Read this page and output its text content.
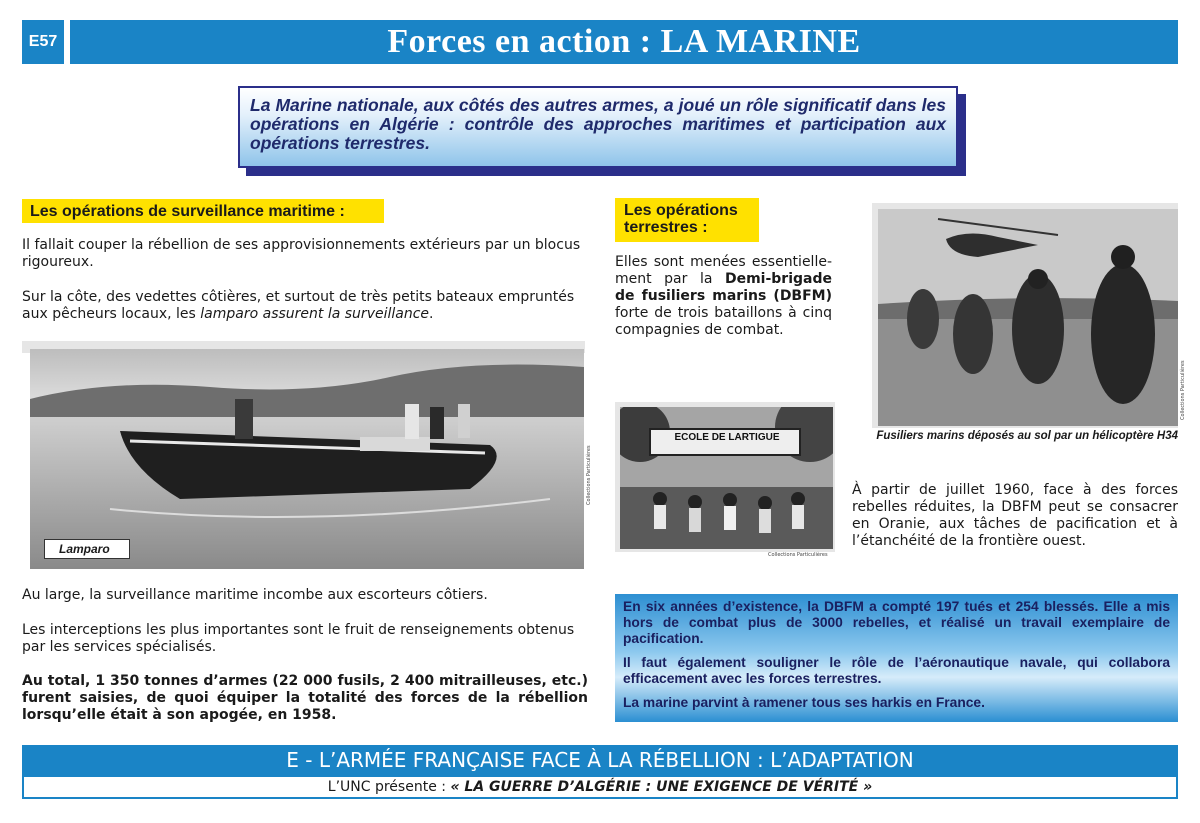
E57	Forces en action : LA MARINE
La Marine nationale, aux côtés des autres armes, a joué un rôle significatif dans les opérations en Algérie : contrôle des approches maritimes et participation aux opérations terrestres.
Les opérations de surveillance maritime :
Il fallait couper la rébellion de ses approvisionnements extérieurs par un blocus rigoureux.
Sur la côte, des vedettes côtières, et surtout de très petits bateaux empruntés aux pêcheurs locaux, les lamparo assurent la surveillance.
Lamparo
Collections Particulières
Au large, la surveillance maritime incombe aux escorteurs côtiers.
Les interceptions les plus importantes sont le fruit de renseignements obtenus par les services spécialisés.
Au total, 1 350 tonnes d’armes (22 000 fusils, 2 400 mitrailleuses, etc.) furent saisies, de quoi équiper la totalité des forces de la rébellion lorsqu’elle était à son apogée, en 1958.
Les opérations
terrestres :
Elles sont menées essentielle-ment par la Demi-brigade de fusiliers marins (DBFM) forte de trois bataillons à cinq compagnies de combat.
ECOLE DE LARTIGUE
Collections Particulières
Collections Particulières
Fusiliers marins déposés au sol par un hélicoptère H34
À partir de juillet 1960, face à des forces rebelles réduites, la DBFM peut se consacrer en Oranie, aux tâches de pacification et à l’étanchéité de la frontière ouest.

En six années d’existence, la DBFM a compté 197 tués et 254 blessés. Elle a mis hors de combat plus de 3000 rebelles, et réalisé un travail exemplaire de pacification.

Il faut également souligner le rôle de l’aéronautique navale, qui collabora efficacement avec les forces terrestres.

La marine parvint à ramener tous ses harkis en France.

E - L’ARMÉE FRANÇAISE FACE À LA RÉBELLION : L’ADAPTATION
L’UNC présente : « LA GUERRE D’ALGÉRIE : UNE EXIGENCE DE VÉRITÉ »
